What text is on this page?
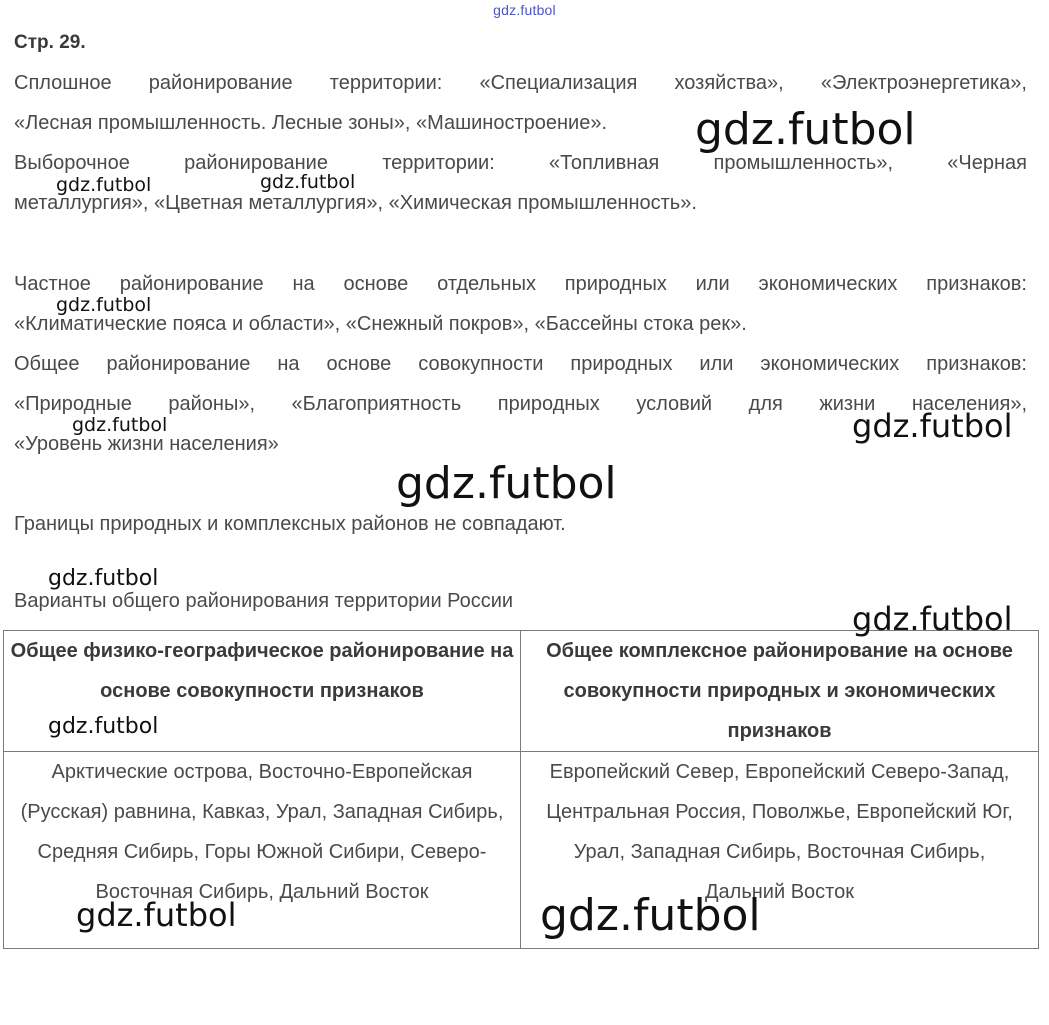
gdz.futbol
Стр. 29.
Сплошное районирование территории: «Специализация хозяйства», «Электроэнергетика»,
«Лесная промышленность. Лесные зоны», «Машиностроение».
Выборочное районирование территории: «Топливная промышленность», «Черная
металлургия», «Цветная металлургия», «Химическая промышленность».
Частное районирование на основе отдельных природных или экономических признаков:
«Климатические пояса и области», «Снежный покров», «Бассейны стока рек».
Общее районирование на основе совокупности природных или экономических признаков:
«Природные районы», «Благоприятность природных условий для жизни населения»,
«Уровень жизни населения»
Границы природных и комплексных районов не совпадают.
Варианты общего районирования территории России
Общее физико-географическое районирование на основе совокупности признаков	Общее комплексное районирование на основе совокупности природных и экономических признаков
Арктические острова, Восточно-Европейская (Русская) равнина, Кавказ, Урал, Западная Сибирь, Средняя Сибирь, Горы Южной Сибири, Северо-Восточная Сибирь, Дальний Восток	Европейский Север, Европейский Северо-Запад, Центральная Россия, Поволжье, Европейский Юг, Урал, Западная Сибирь, Восточная Сибирь, Дальний Восток
gdz.futbol
gdz.futbol	gdz.futbol
gdz.futbol
gdz.futbol	gdz.futbol
gdz.futbol
gdz.futbol
gdz.futbol
gdz.futbol
gdz.futbol	gdz.futbol
